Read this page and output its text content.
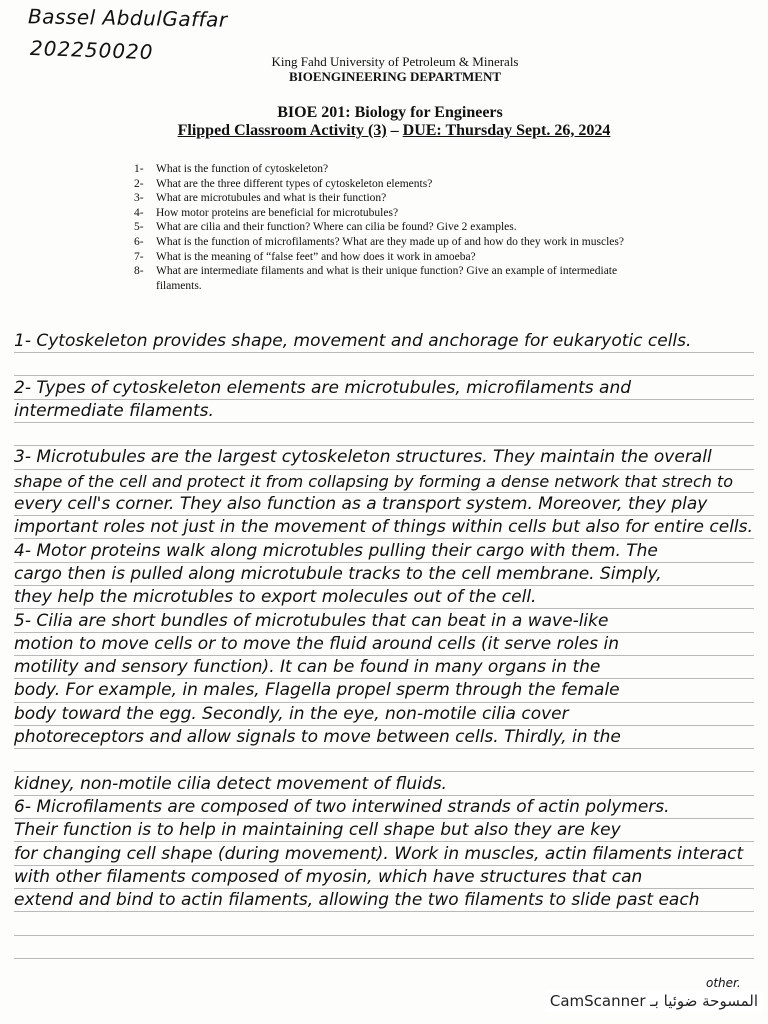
Bassel AbdulGaffar
202250020	King Fahd University of Petroleum & Minerals
BIOENGINEERING DEPARTMENT
BIOE 201: Biology for Engineers
Flipped Classroom Activity (3) – DUE: Thursday Sept. 26, 2024
1-	What is the function of cytoskeleton?
2-	What are the three different types of cytoskeleton elements?
3-	What are microtubules and what is their function?
4-	How motor proteins are beneficial for microtubules?
5-	What are cilia and their function? Where can cilia be found? Give 2 examples.
6-	What is the function of microfilaments? What are they made up of and how do they work in muscles?
7-	What is the meaning of “false feet” and how does it work in amoeba?
8-	What are intermediate filaments and what is their unique function? Give an example of intermediate filaments.
1- Cytoskeleton provides shape, movement and anchorage for eukaryotic cells.
2- Types of cytoskeleton elements are microtubules, microfilaments and
intermediate filaments.
3- Microtubules are the largest cytoskeleton structures. They maintain the overall
shape of the cell and protect it from collapsing by forming a dense network that strech to
every cell's corner. They also function as a transport system. Moreover, they play
important roles not just in the movement of things within cells but also for entire cells.
4- Motor proteins walk along microtubles pulling their cargo with them. The
cargo then is pulled along microtubule tracks to the cell membrane. Simply,
they help the microtubles to export molecules out of the cell.
5- Cilia are short bundles of microtubules that can beat in a wave-like
motion to move cells or to move the fluid around cells (it serve roles in
motility and sensory function). It can be found in many organs in the
body. For example, in males, Flagella propel sperm through the female
body toward the egg. Secondly, in the eye, non-motile cilia cover
photoreceptors and allow signals to move between cells. Thirdly, in the
kidney, non-motile cilia detect movement of fluids.
6- Microfilaments are composed of two interwined strands of actin polymers.
Their function is to help in maintaining cell shape but also they are key
for changing cell shape (during movement). Work in muscles, actin filaments interact
with other filaments composed of myosin, which have structures that can
extend and bind to actin filaments, allowing the two filaments to slide past each
other.
CamScanner المسوحة ضوئيا بـ
